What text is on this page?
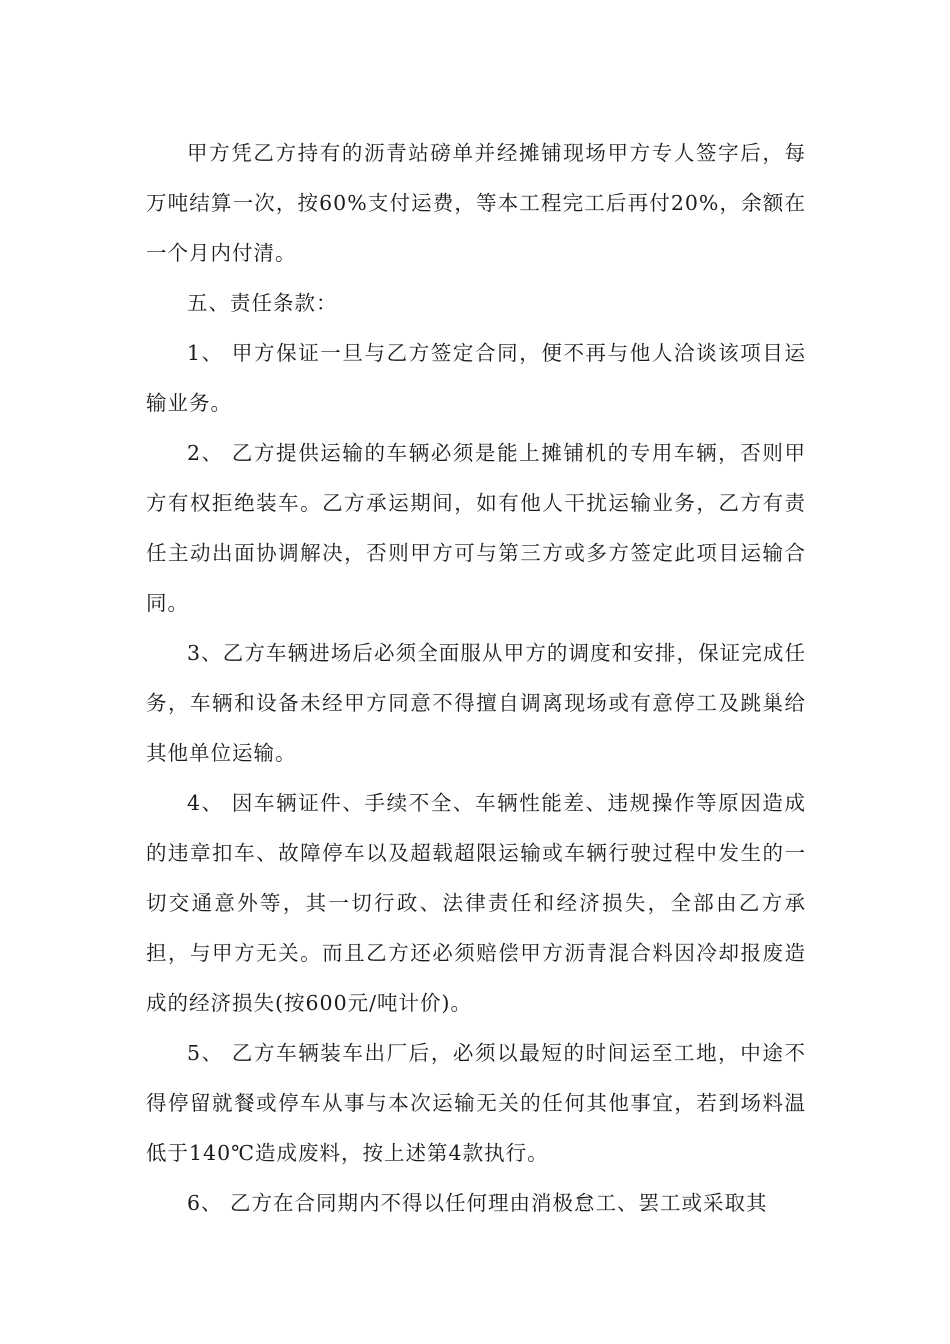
甲方凭乙方持有的沥青站磅单并经摊铺现场甲方专人签字后，每 万吨结算一次，按60%支付运费，等本工程完工后再付20%，余额在一个月内付清。

五、责任条款：

1、 甲方保证一旦与乙方签定合同，便不再与他人洽谈该项目运输业务。

2、 乙方提供运输的车辆必须是能上摊铺机的专用车辆，否则甲方有权拒绝装车。乙方承运期间，如有他人干扰运输业务，乙方有责任主动出面协调解决，否则甲方可与第三方或多方签定此项目运输合同。

3、乙方车辆进场后必须全面服从甲方的调度和安排，保证完成任务，车辆和设备未经甲方同意不得擅自调离现场或有意停工及跳巢给其他单位运输。

4、 因车辆证件、手续不全、车辆性能差、违规操作等原因造成的违章扣车、故障停车以及超载超限运输或车辆行驶过程中发生的一切交通意外等，其一切行政、法律责任和经济损失，全部由乙方承担，与甲方无关。而且乙方还必须赔偿甲方沥青混合料因冷却报废造成的经济损失(按600元/吨计价)。

5、 乙方车辆装车出厂后，必须以最短的时间运至工地，中途不得停留就餐或停车从事与本次运输无关的任何其他事宜，若到场料温低于140℃造成废料，按上述第4款执行。

6、 乙方在合同期内不得以任何理由消极怠工、罢工或采取其
